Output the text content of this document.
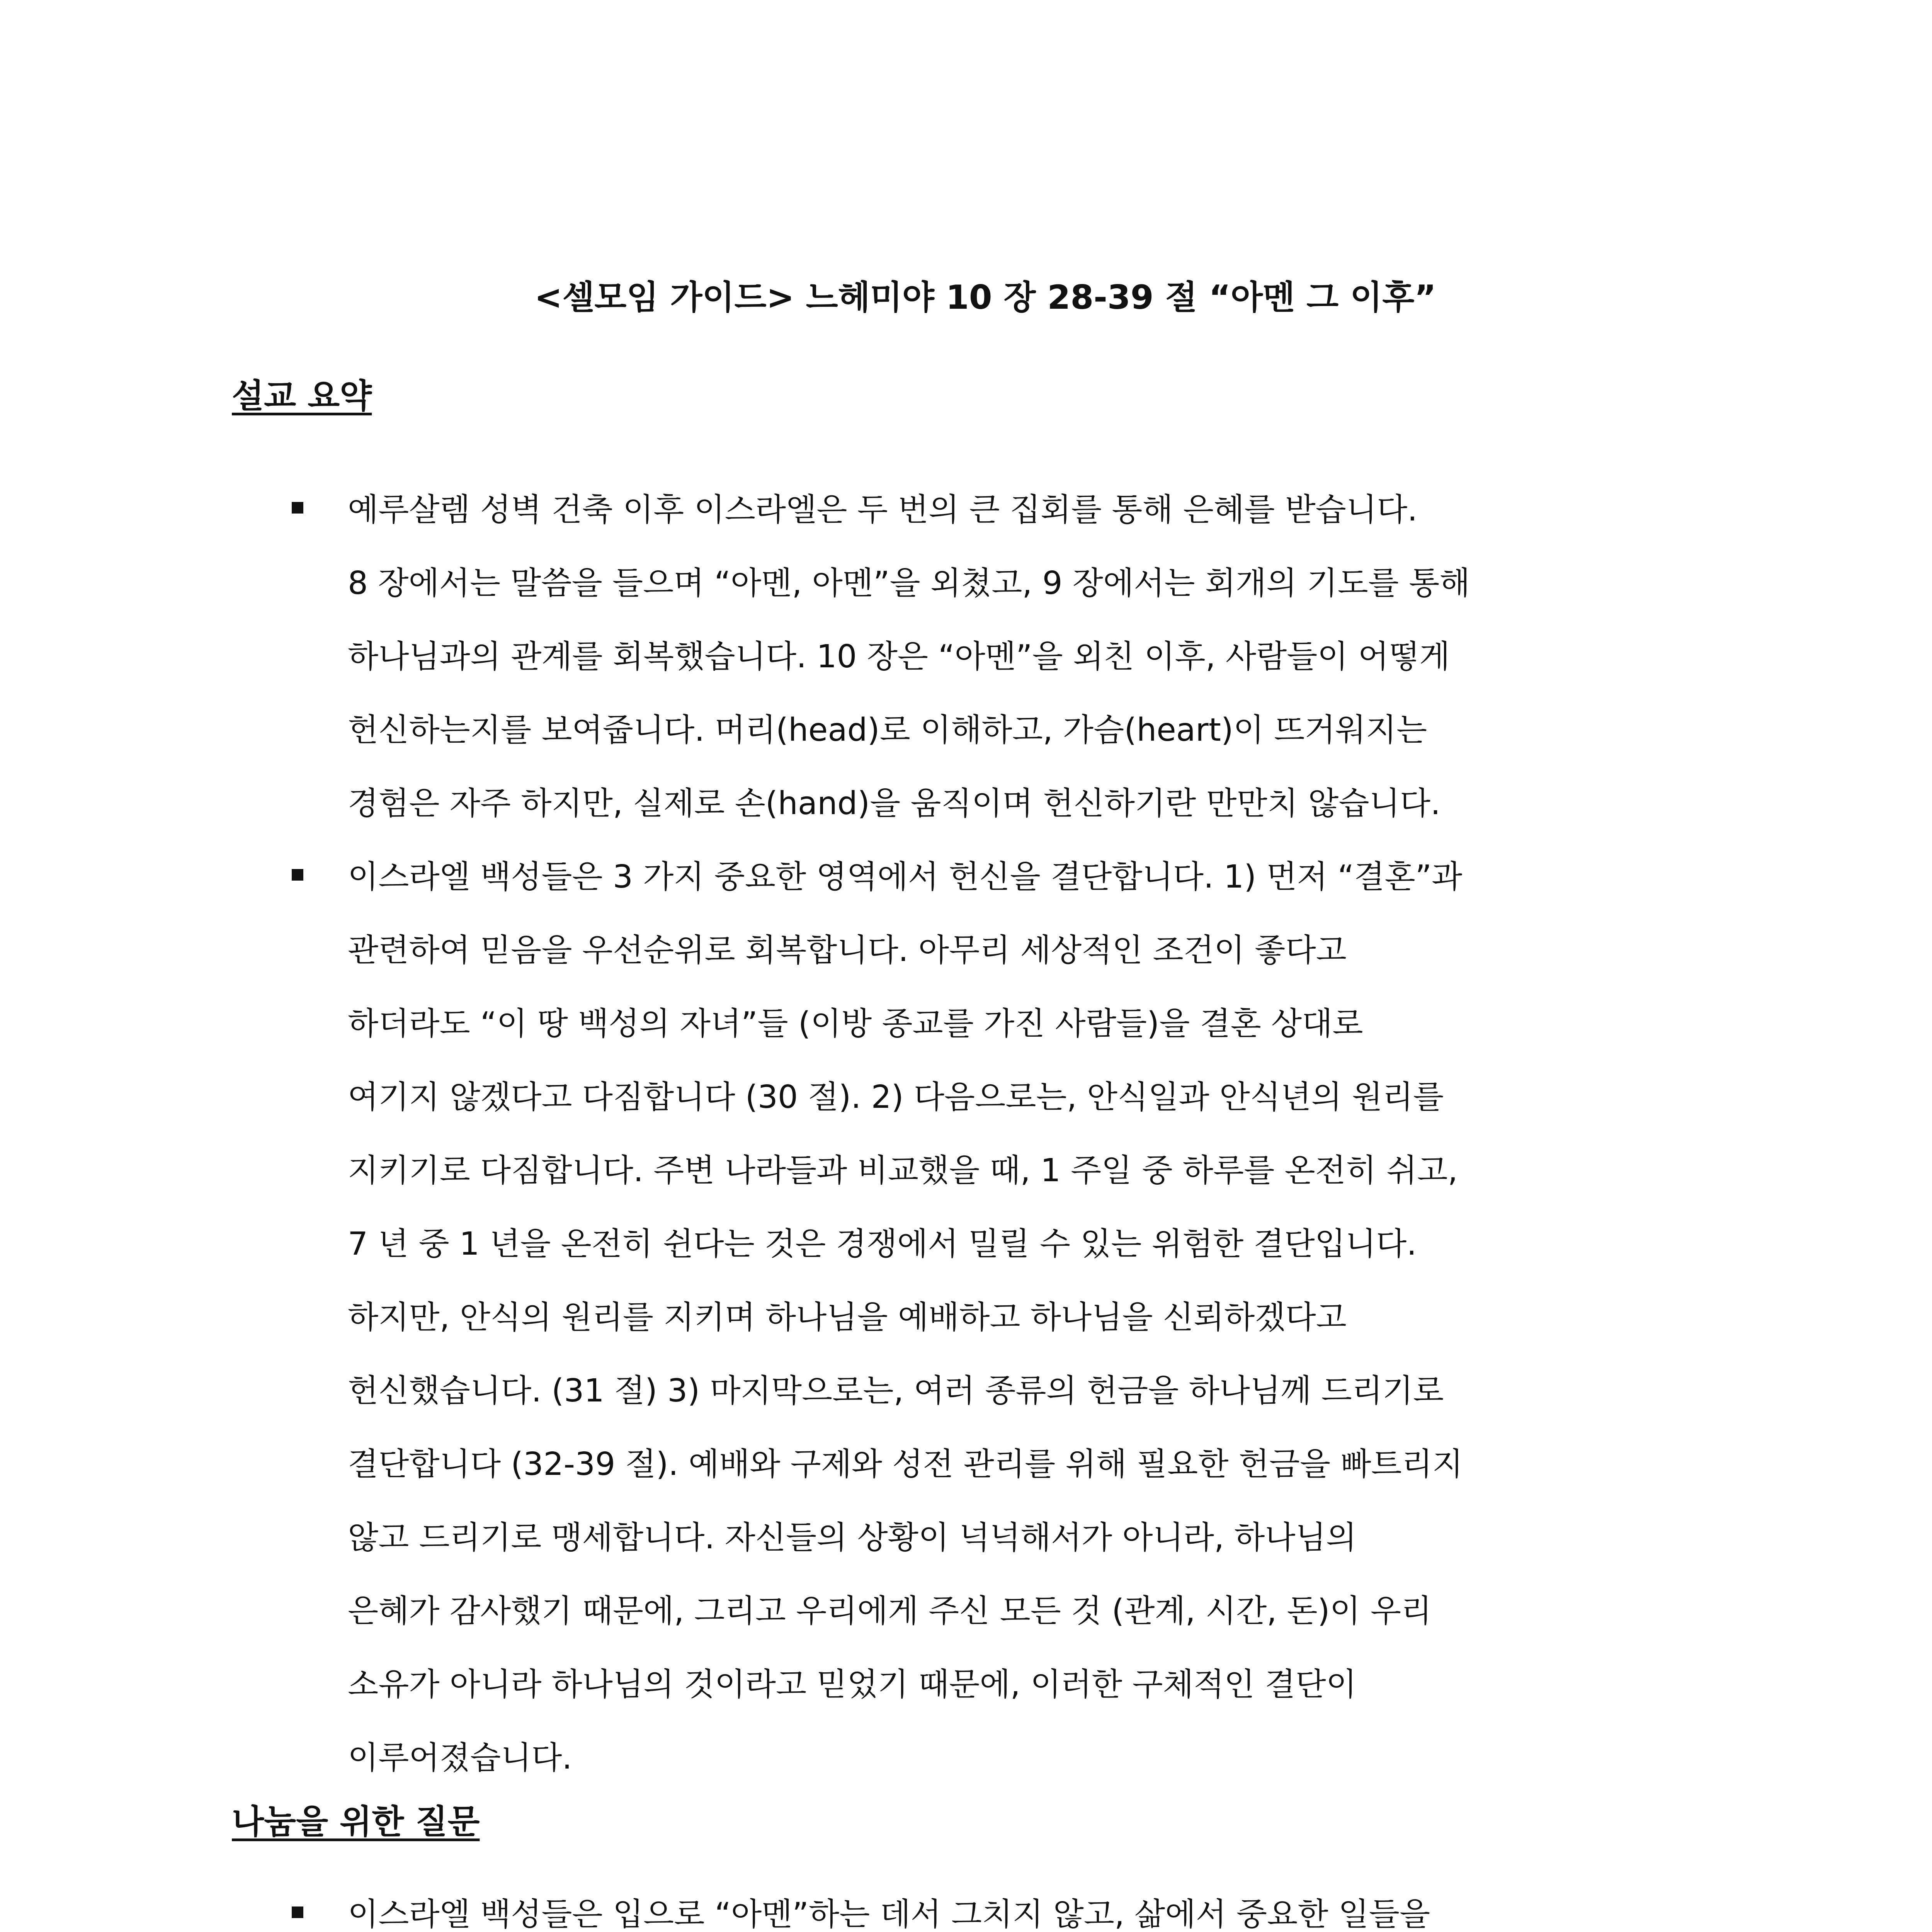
<셀모임 가이드> 느헤미야 10 장 28-39 절 “아멘 그 이후”
설교 요약
예루살렘 성벽 건축 이후 이스라엘은 두 번의 큰 집회를 통해 은혜를 받습니다.
8 장에서는 말씀을 들으며 “아멘, 아멘”을 외쳤고, 9 장에서는 회개의 기도를 통해
하나님과의 관계를 회복했습니다. 10 장은 “아멘”을 외친 이후, 사람들이 어떻게
헌신하는지를 보여줍니다. 머리(head)로 이해하고, 가슴(heart)이 뜨거워지는
경험은 자주 하지만, 실제로 손(hand)을 움직이며 헌신하기란 만만치 않습니다.
이스라엘 백성들은 3 가지 중요한 영역에서 헌신을 결단합니다. 1) 먼저 “결혼”과
관련하여 믿음을 우선순위로 회복합니다. 아무리 세상적인 조건이 좋다고
하더라도 “이 땅 백성의 자녀”들 (이방 종교를 가진 사람들)을 결혼 상대로
여기지 않겠다고 다짐합니다 (30 절). 2) 다음으로는, 안식일과 안식년의 원리를
지키기로 다짐합니다. 주변 나라들과 비교했을 때, 1 주일 중 하루를 온전히 쉬고,
7 년 중 1 년을 온전히 쉰다는 것은 경쟁에서 밀릴 수 있는 위험한 결단입니다.
하지만, 안식의 원리를 지키며 하나님을 예배하고 하나님을 신뢰하겠다고
헌신했습니다. (31 절) 3) 마지막으로는, 여러 종류의 헌금을 하나님께 드리기로
결단합니다 (32-39 절). 예배와 구제와 성전 관리를 위해 필요한 헌금을 빠트리지
않고 드리기로 맹세합니다. 자신들의 상황이 넉넉해서가 아니라, 하나님의
은혜가 감사했기 때문에, 그리고 우리에게 주신 모든 것 (관계, 시간, 돈)이 우리
소유가 아니라 하나님의 것이라고 믿었기 때문에, 이러한 구체적인 결단이
이루어졌습니다.
나눔을 위한 질문
이스라엘 백성들은 입으로 “아멘”하는 데서 그치지 않고, 삶에서 중요한 일들을
